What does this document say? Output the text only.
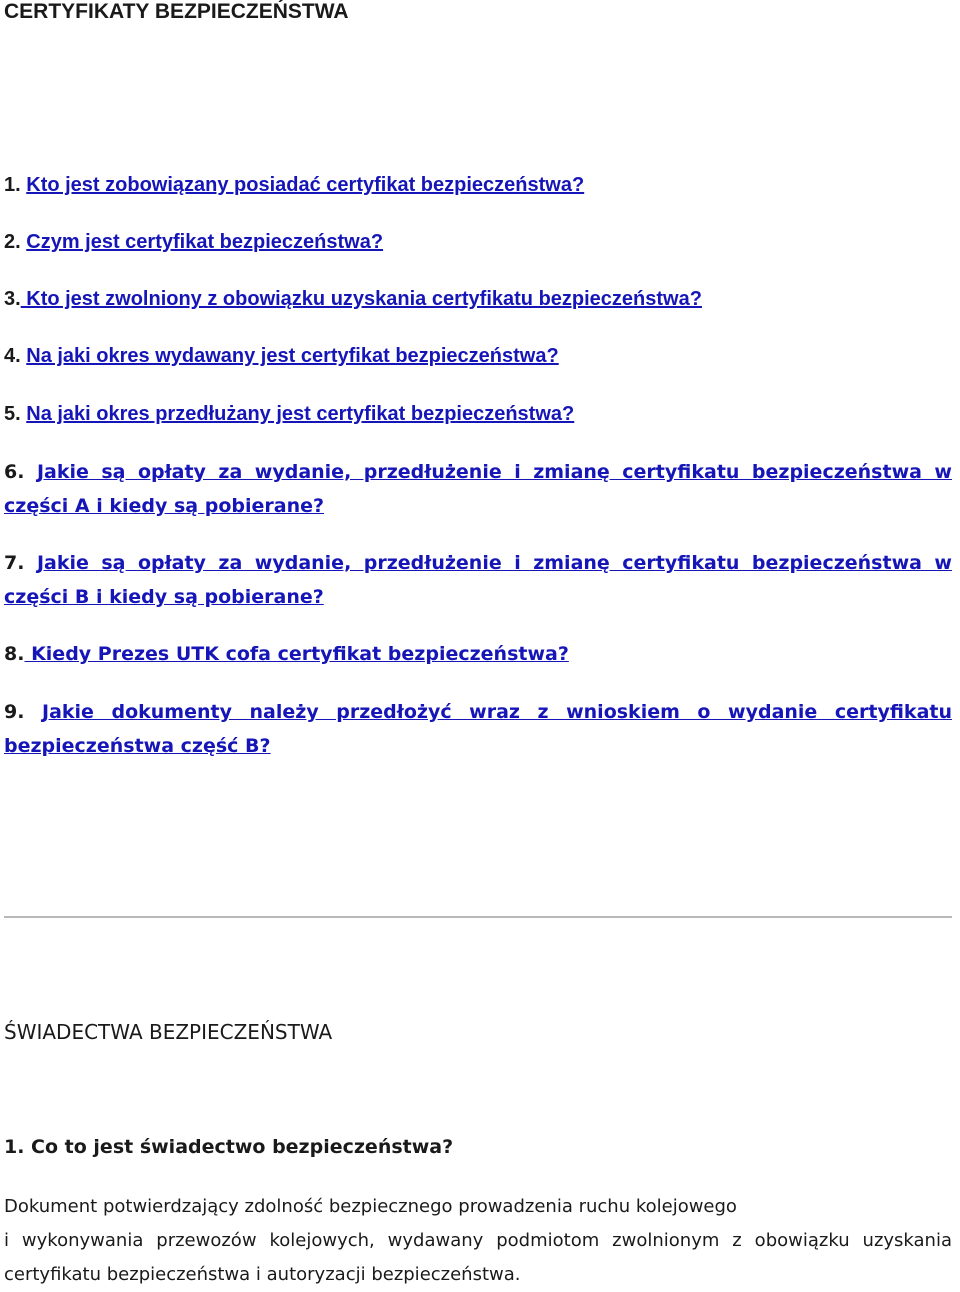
CERTYFIKATY BEZPIECZEŃSTWA
1. Kto jest zobowiązany posiadać certyfikat bezpieczeństwa?
2. Czym jest certyfikat bezpieczeństwa?
3. Kto jest zwolniony z obowiązku uzyskania certyfikatu bezpieczeństwa?
4. Na jaki okres wydawany jest certyfikat bezpieczeństwa?
5. Na jaki okres przedłużany jest certyfikat bezpieczeństwa?
6. Jakie są opłaty za wydanie, przedłużenie i zmianę certyfikatu bezpieczeństwa w części A i kiedy są pobierane?
7. Jakie są opłaty za wydanie, przedłużenie i zmianę certyfikatu bezpieczeństwa w części B i kiedy są pobierane?
8. Kiedy Prezes UTK cofa certyfikat bezpieczeństwa?
9. Jakie dokumenty należy przedłożyć wraz z wnioskiem o wydanie certyfikatu bezpieczeństwa część B?
ŚWIADECTWA BEZPIECZEŃSTWA
1. Co to jest świadectwo bezpieczeństwa?
Dokument potwierdzający zdolność bezpiecznego prowadzenia ruchu kolejowego
i wykonywania przewozów kolejowych, wydawany podmiotom zwolnionym z obowiązku uzyskania
certyfikatu bezpieczeństwa i autoryzacji bezpieczeństwa.
